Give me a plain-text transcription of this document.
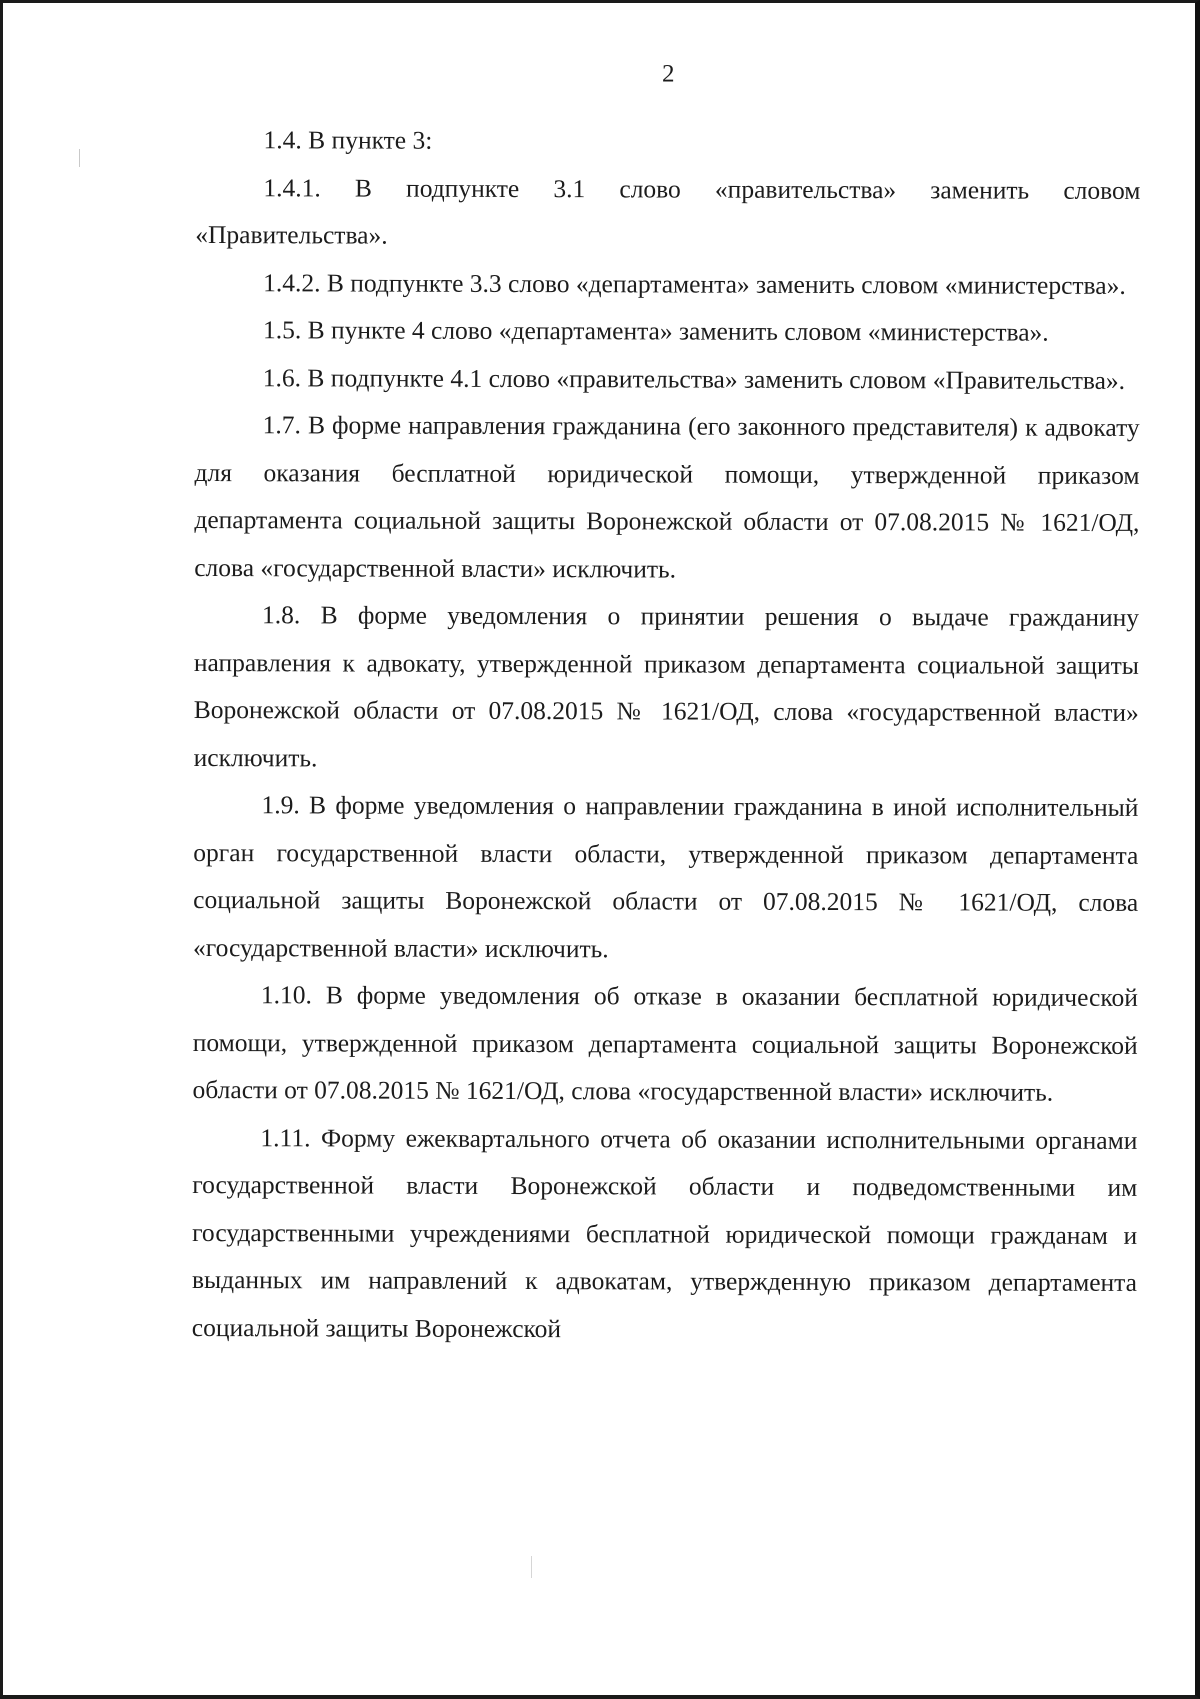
2

1.4. В пункте 3:

1.4.1. В подпункте 3.1 слово «правительства» заменить словом «Правительства».

1.4.2. В подпункте 3.3 слово «департамента» заменить словом «министерства».

1.5. В пункте 4 слово «департамента» заменить словом «министерства».

1.6. В подпункте 4.1 слово «правительства» заменить словом «Правительства».

1.7. В форме направления гражданина (его законного представителя) к адвокату для оказания бесплатной юридической помощи, утвержденной приказом департамента социальной защиты Воронежской области от 07.08.2015 № 1621/ОД, слова «государственной власти» исключить.

1.8. В форме уведомления о принятии решения о выдаче гражданину направления к адвокату, утвержденной приказом департамента социальной защиты Воронежской области от 07.08.2015 № 1621/ОД, слова «государственной власти» исключить.

1.9. В форме уведомления о направлении гражданина в иной исполнительный орган государственной власти области, утвержденной приказом департамента социальной защиты Воронежской области от 07.08.2015 № 1621/ОД, слова «государственной власти» исключить.

1.10. В форме уведомления об отказе в оказании бесплатной юридической помощи, утвержденной приказом департамента социальной защиты Воронежской области от 07.08.2015 № 1621/ОД, слова «государственной власти» исключить.

1.11. Форму ежеквартального отчета об оказании исполнительными органами государственной власти Воронежской области и подведомственными им государственными учреждениями бесплатной юридической помощи гражданам и выданных им направлений к адвокатам, утвержденную приказом департамента социальной защиты Воронежской
